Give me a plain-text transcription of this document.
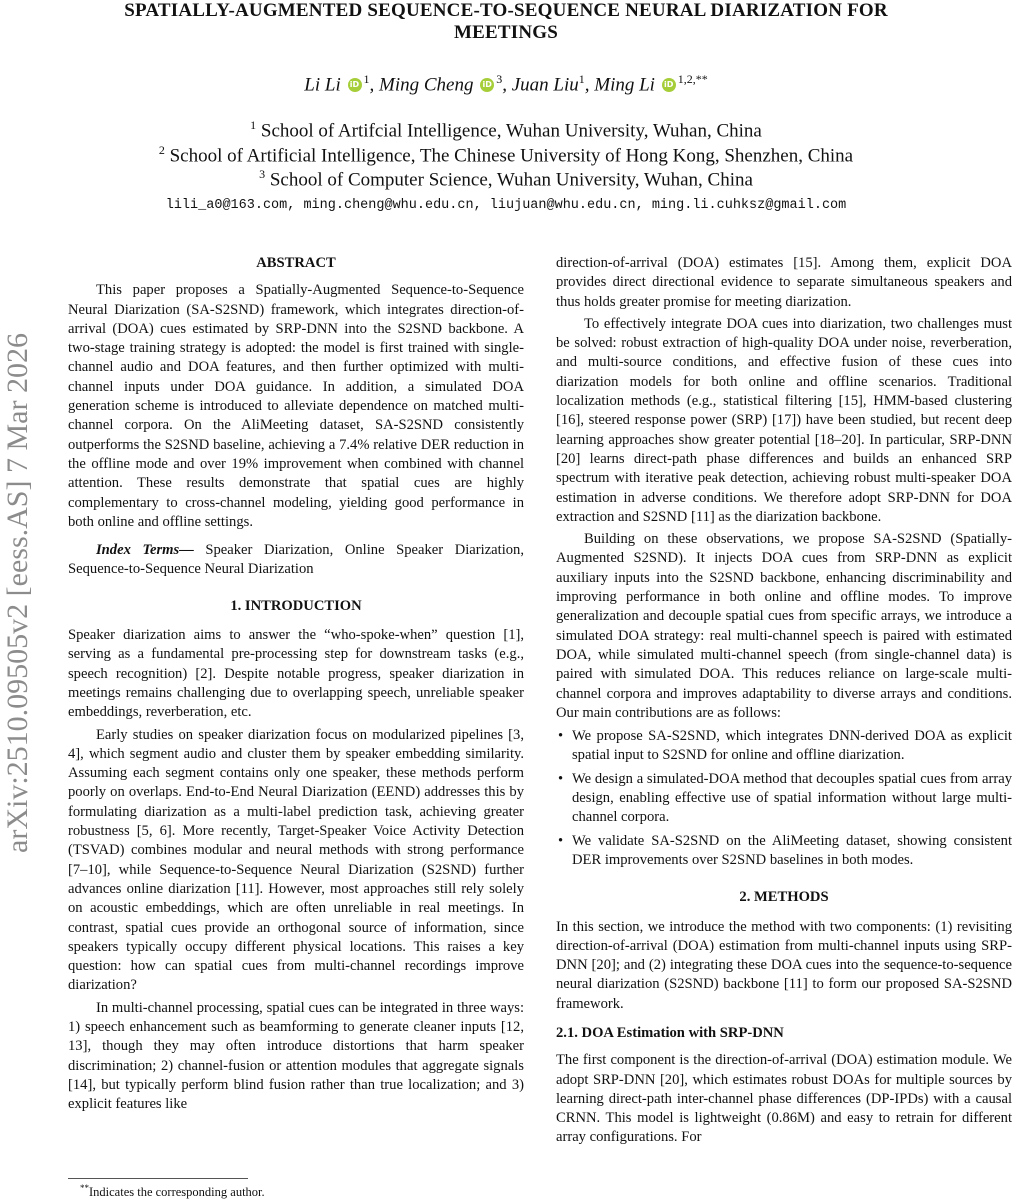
arXiv:2510.09505v2 [eess.AS] 7 Mar 2026
SPATIALLY-AUGMENTED SEQUENCE-TO-SEQUENCE NEURAL DIARIZATION FOR
MEETINGS
Li Li iD $^1$, Ming Cheng iD $^3$, Juan Liu$^1$, Ming Li iD $^{1,2,**}$
$^1$ School of Artifcial Intelligence, Wuhan University, Wuhan, China
$^2$ School of Artificial Intelligence, The Chinese University of Hong Kong, Shenzhen, China
$^3$ School of Computer Science, Wuhan University, Wuhan, China
lili_a0@163.com, ming.cheng@whu.edu.cn, liujuan@whu.edu.cn, ming.li.cuhksz@gmail.com

ABSTRACT

This paper proposes a Spatially-Augmented Sequence-to-Sequence Neural Diarization (SA-S2SND) framework, which integrates direction-of-arrival (DOA) cues estimated by SRP-DNN into the S2SND backbone. A two-stage training strategy is adopted: the model is first trained with single-channel audio and DOA features, and then further optimized with multi-channel inputs under DOA guidance. In addition, a simulated DOA generation scheme is introduced to alleviate dependence on matched multi-channel corpora. On the AliMeeting dataset, SA-S2SND consistently outperforms the S2SND baseline, achieving a 7.4% relative DER reduction in the offline mode and over 19% improvement when combined with channel attention. These results demonstrate that spatial cues are highly complementary to cross-channel modeling, yielding good performance in both online and offline settings.

Index Terms— Speaker Diarization, Online Speaker Diarization, Sequence-to-Sequence Neural Diarization

1. INTRODUCTION

Speaker diarization aims to answer the “who-spoke-when” question [1], serving as a fundamental pre-processing step for downstream tasks (e.g., speech recognition) [2]. Despite notable progress, speaker diarization in meetings remains challenging due to overlapping speech, unreliable speaker embeddings, reverberation, etc.

Early studies on speaker diarization focus on modularized pipelines [3, 4], which segment audio and cluster them by speaker embedding similarity. Assuming each segment contains only one speaker, these methods perform poorly on overlaps. End-to-End Neural Diarization (EEND) addresses this by formulating diarization as a multi-label prediction task, achieving greater robustness [5, 6]. More recently, Target-Speaker Voice Activity Detection (TSVAD) combines modular and neural methods with strong performance [7–10], while Sequence-to-Sequence Neural Diarization (S2SND) further advances online diarization [11]. However, most approaches still rely solely on acoustic embeddings, which are often unreliable in real meetings. In contrast, spatial cues provide an orthogonal source of information, since speakers typically occupy different physical locations. This raises a key question: how can spatial cues from multi-channel recordings improve diarization?

In multi-channel processing, spatial cues can be integrated in three ways: 1) speech enhancement such as beamforming to generate cleaner inputs [12, 13], though they may often introduce distortions that harm speaker discrimination; 2) channel-fusion or attention modules that aggregate signals [14], but typically perform blind fusion rather than true localization; and 3) explicit features like

direction-of-arrival (DOA) estimates [15]. Among them, explicit DOA provides direct directional evidence to separate simultaneous speakers and thus holds greater promise for meeting diarization.

To effectively integrate DOA cues into diarization, two challenges must be solved: robust extraction of high-quality DOA under noise, reverberation, and multi-source conditions, and effective fusion of these cues into diarization models for both online and offline scenarios. Traditional localization methods (e.g., statistical filtering [15], HMM-based clustering [16], steered response power (SRP) [17]) have been studied, but recent deep learning approaches show greater potential [18–20]. In particular, SRP-DNN [20] learns direct-path phase differences and builds an enhanced SRP spectrum with iterative peak detection, achieving robust multi-speaker DOA estimation in adverse conditions. We therefore adopt SRP-DNN for DOA extraction and S2SND [11] as the diarization backbone.

Building on these observations, we propose SA-S2SND (Spatially-Augmented S2SND). It injects DOA cues from SRP-DNN as explicit auxiliary inputs into the S2SND backbone, enhancing discriminability and improving performance in both online and offline modes. To improve generalization and decouple spatial cues from specific arrays, we introduce a simulated DOA strategy: real multi-channel speech is paired with estimated DOA, while simulated multi-channel speech (from single-channel data) is paired with simulated DOA. This reduces reliance on large-scale multi-channel corpora and improves adaptability to diverse arrays and conditions. Our main contributions are as follows:

• We propose SA-S2SND, which integrates DNN-derived DOA as explicit spatial input to S2SND for online and offline diarization.
• We design a simulated-DOA method that decouples spatial cues from array design, enabling effective use of spatial information without large multi-channel corpora.
• We validate SA-S2SND on the AliMeeting dataset, showing consistent DER improvements over S2SND baselines in both modes.

2. METHODS

In this section, we introduce the method with two components: (1) revisiting direction-of-arrival (DOA) estimation from multi-channel inputs using SRP-DNN [20]; and (2) integrating these DOA cues into the sequence-to-sequence neural diarization (S2SND) backbone [11] to form our proposed SA-S2SND framework.

2.1. DOA Estimation with SRP-DNN

The first component is the direction-of-arrival (DOA) estimation module. We adopt SRP-DNN [20], which estimates robust DOAs for multiple sources by learning direct-path inter-channel phase differences (DP-IPDs) with a causal CRNN. This model is lightweight (0.86M) and easy to retrain for different array configurations. For

**Indicates the corresponding author.
